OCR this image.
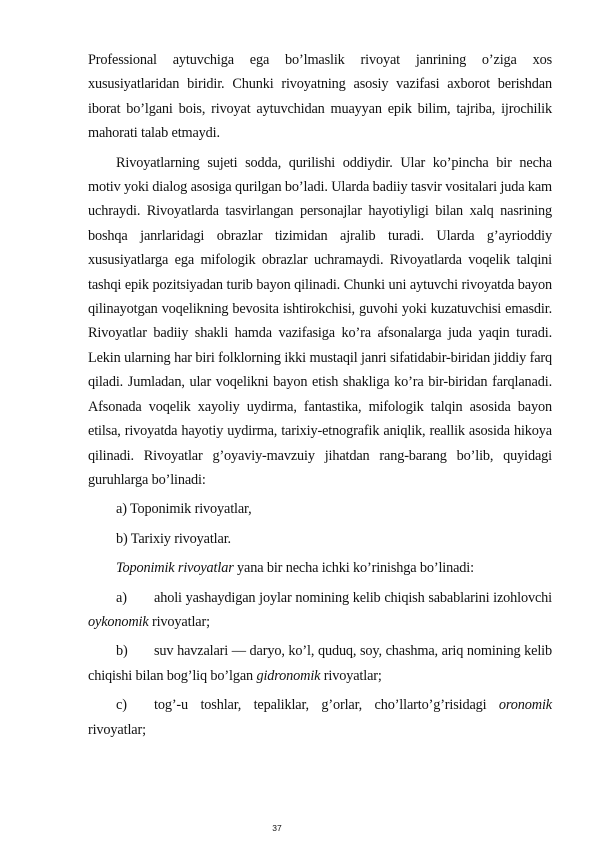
Professional aytuvchiga ega bo’lmaslik rivoyat janrining o’ziga xos xususiyatlaridan biridir. Chunki rivoyatning asosiy vazifasi axborot berishdan iborat bo’lgani bois, rivoyat aytuvchidan muayyan epik bilim, tajriba, ijrochilik mahorati talab etmaydi.

Rivoyatlarning sujeti sodda, qurilishi oddiydir. Ular ko’pincha bir necha motiv yoki dialog asosiga qurilgan bo’ladi. Ularda badiiy tasvir vositalari juda kam uchraydi. Rivoyatlarda tasvirlangan personajlar hayotiyligi bilan xalq nasrining boshqa janrlaridagi obrazlar tizimidan ajralib turadi. Ularda g’ayrioddiy xususiyatlarga ega mifologik obrazlar uchramaydi. Rivoyatlarda voqelik talqini tashqi epik pozitsiyadan turib bayon qilinadi. Chunki uni aytuvchi rivoyatda bayon qilinayotgan voqelikning bevosita ishtirokchisi, guvohi yoki kuzatuvchisi emasdir. Rivoyatlar badiiy shakli hamda vazifasiga ko’ra afsonalarga juda yaqin turadi. Lekin ularning har biri folklorning ikki mustaqil janri sifatidabir-biridan jiddiy farq qiladi. Jumladan, ular voqelikni bayon etish shakliga ko’ra bir-biridan farqlanadi. Afsonada voqelik xayoliy uydirma, fantastika, mifologik talqin asosida bayon etilsa, rivoyatda hayotiy uydirma, tarixiy-etnografik aniqlik, reallik asosida hikoya qilinadi. Rivoyatlar g’oyaviy-mavzuiy jihatdan rang-barang bo’lib, quyidagi guruhlarga bo’linadi:

a) Toponimik rivoyatlar,

b) Tarixiy rivoyatlar.

Toponimik rivoyatlar yana bir necha ichki ko’rinishga bo’linadi:

a) aholi yashaydigan joylar nomining kelib chiqish sabablarini izohlovchi oykonomik rivoyatlar;

b) suv havzalari — daryo, ko’l, quduq, soy, chashma, ariq nomining kelib chiqishi bilan bog’liq bo’lgan gidronomik rivoyatlar;

c) tog’-u toshlar, tepaliklar, g’orlar, cho’llarto’g’risidagi oronomik rivoyatlar;

37
